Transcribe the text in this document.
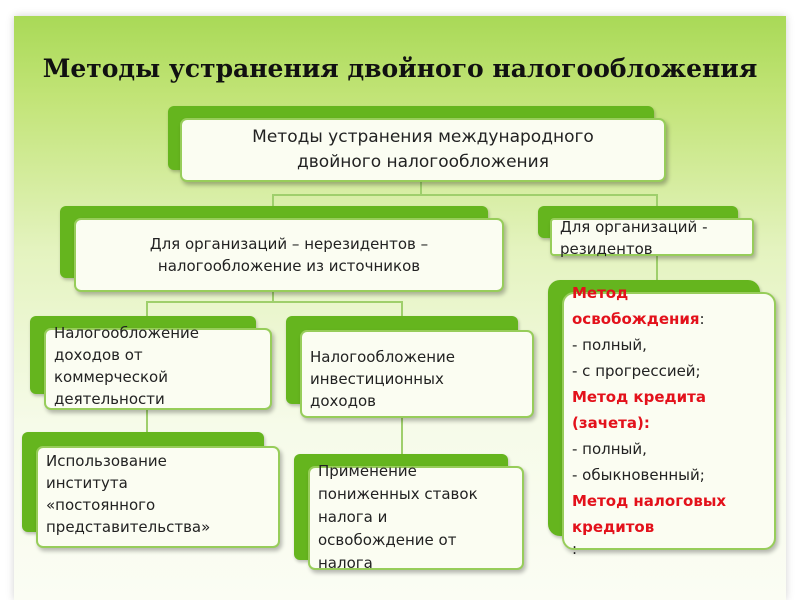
Методы устранения двойного налогообложения
Методы устранения международного
двойного налогообложения
Для организаций – нерезидентов –
налогообложение из источников
Для организаций -
резидентов
Налогообложение
доходов от
коммерческой
деятельности
Налогообложение
инвестиционных
доходов
Использование
института
«постоянного
представительства»
Применение
пониженных ставок
налога и
освобождение от
налога
Метод
освобождения:
- полный,
- с прогрессией;
Метод кредита
(зачета):
- полный,
- обыкновенный;
Метод налоговых
кредитов
:
